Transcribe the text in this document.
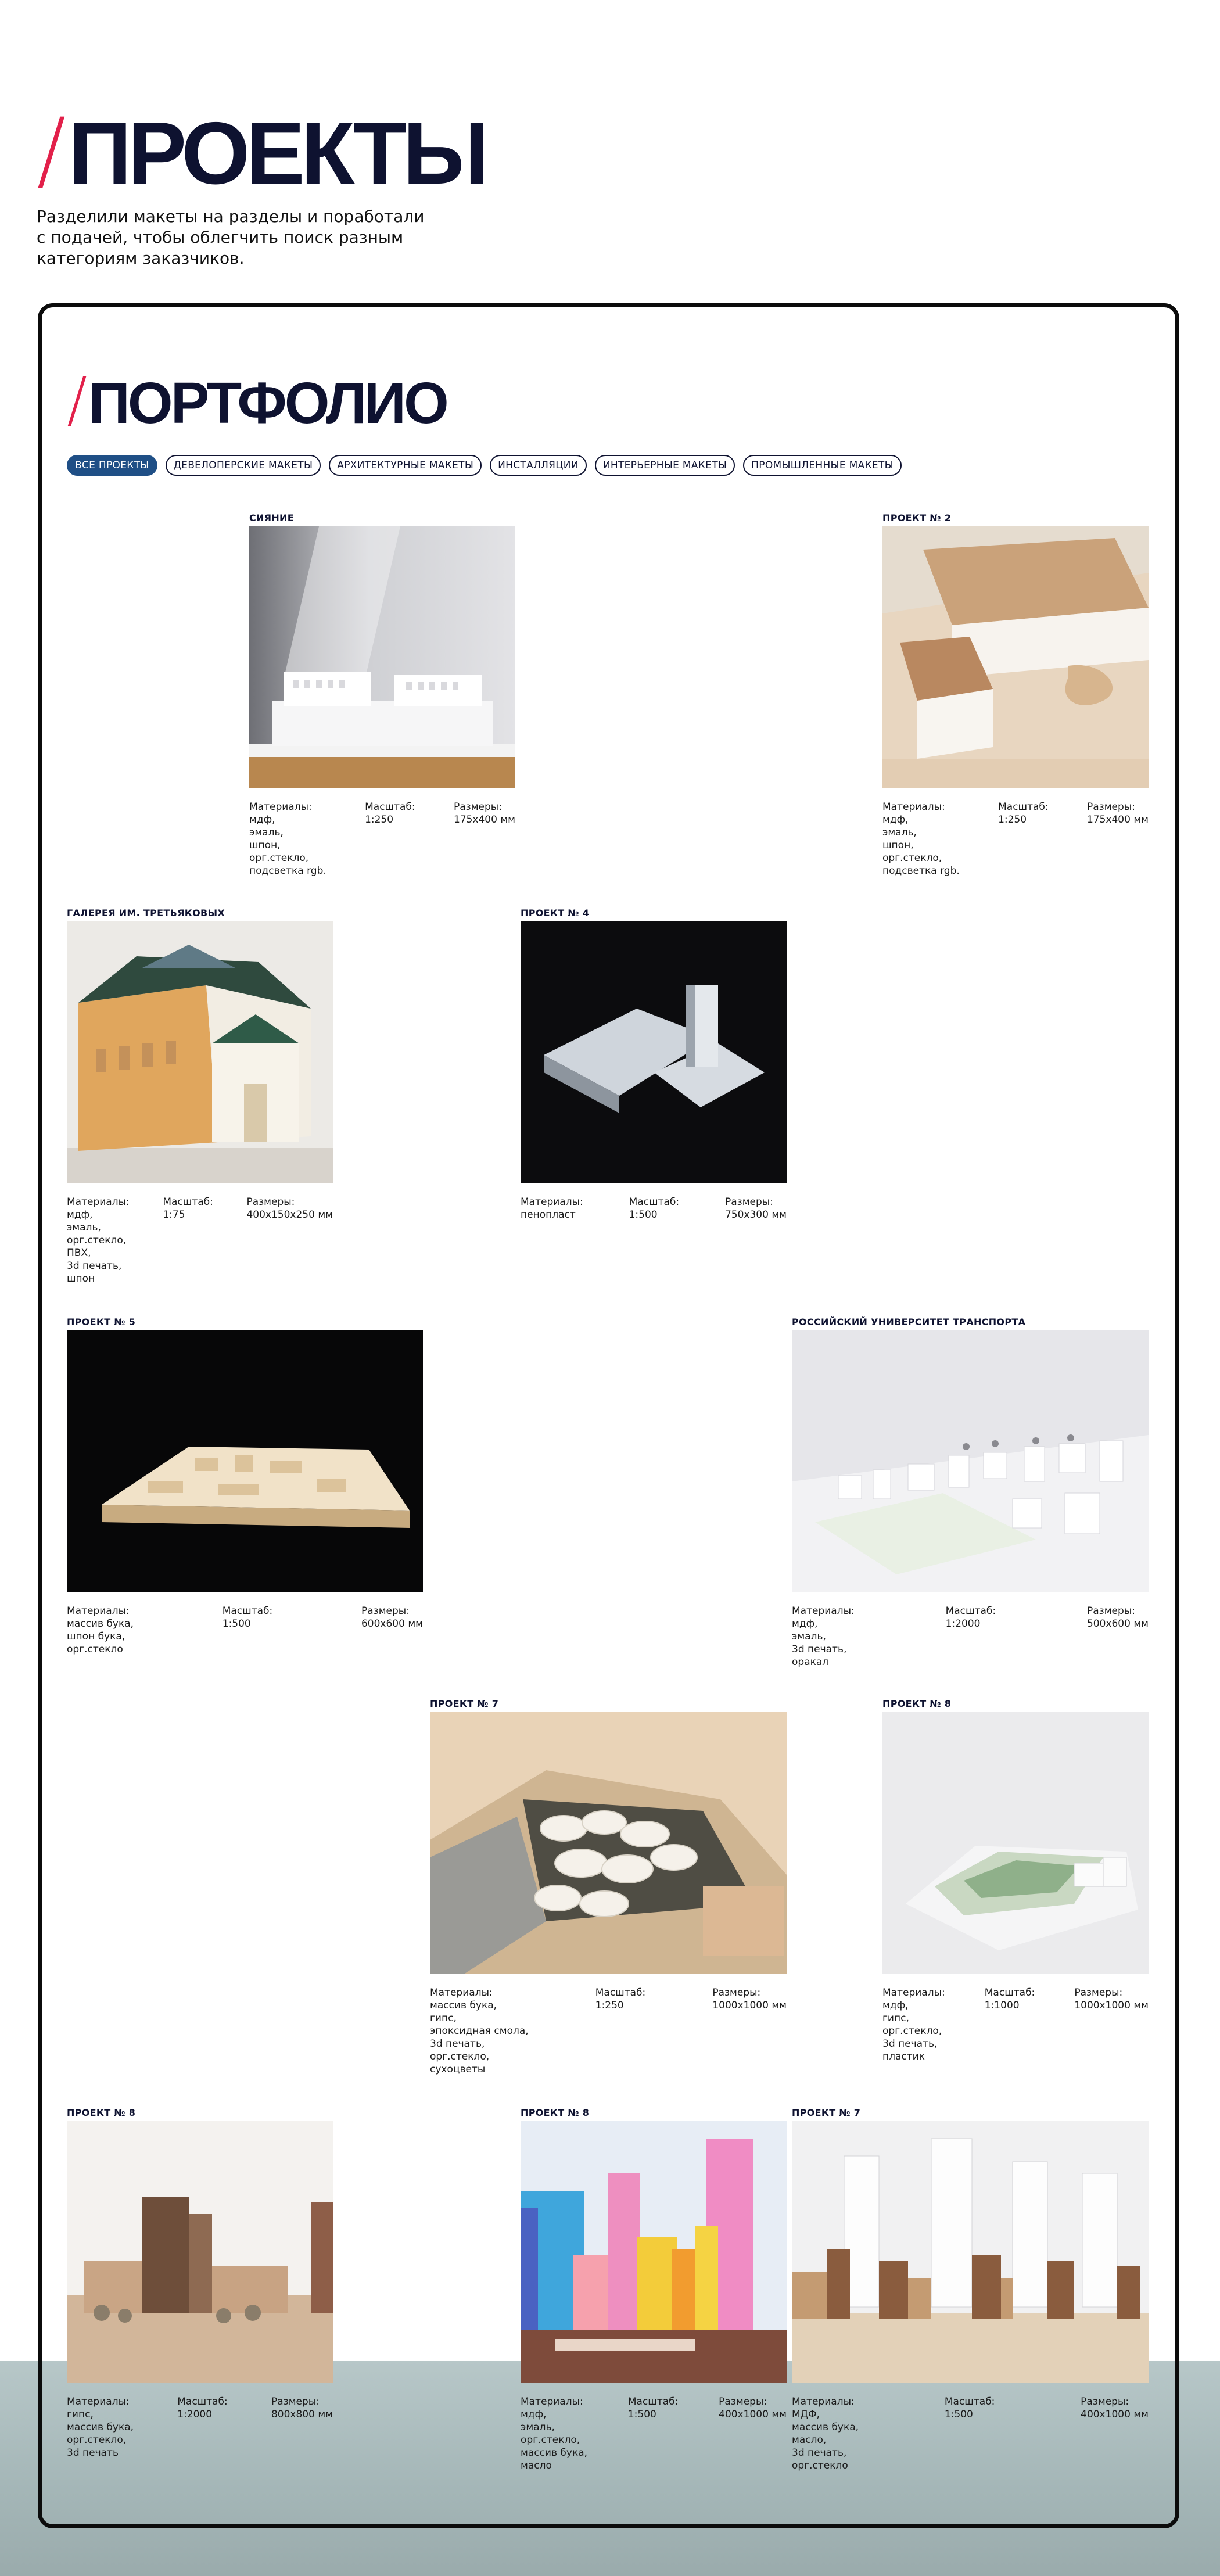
/ ПРОЕКТЫ

Разделили макеты на разделы и поработали
с подачей, чтобы облегчить поиск разным
категориям заказчиков.

/ ПОРТФОЛИО
ВСЕ ПРОЕКТЫ	ДЕВЕЛОПЕРСКИЕ МАКЕТЫ	АРХИТЕКТУРНЫЕ МАКЕТЫ	ИНСТАЛЛЯЦИИ	ИНТЕРЬЕРНЫЕ МАКЕТЫ	ПРОМЫШЛЕННЫЕ МАКЕТЫ
СИЯНИЕ
Материалы:
мдф,
эмаль,
шпон,
орг.стекло,
подсветка rgb.
Масштаб:
1:250
Размеры:
175х400 мм
ПРОЕКТ № 2
Материалы:
мдф,
эмаль,
шпон,
орг.стекло,
подсветка rgb.
Масштаб:
1:250
Размеры:
175х400 мм
ГАЛЕРЕЯ ИМ. ТРЕТЬЯКОВЫХ
Материалы:
мдф,
эмаль,
орг.стекло,
ПВХ,
3d печать,
шпон
Масштаб:
1:75
Размеры:
400х150х250 мм
ПРОЕКТ № 4
Материалы:
пенопласт
Масштаб:
1:500
Размеры:
750х300 мм
ПРОЕКТ № 5
Материалы:
массив бука,
шпон бука,
орг.стекло
Масштаб:
1:500
Размеры:
600х600 мм
РОССИЙСКИЙ УНИВЕРСИТЕТ ТРАНСПОРТА
Материалы:
мдф,
эмаль,
3d печать,
оракал
Масштаб:
1:2000
Размеры:
500х600 мм
ПРОЕКТ № 7
Материалы:
массив бука,
гипс,
эпоксидная смола,
3d печать,
орг.стекло,
сухоцветы
Масштаб:
1:250
Размеры:
1000х1000 мм
ПРОЕКТ № 8
Материалы:
мдф,
гипс,
орг.стекло,
3d печать,
пластик
Масштаб:
1:1000
Размеры:
1000х1000 мм
ПРОЕКТ № 8
Материалы:
гипс,
массив бука,
орг.стекло,
3d печать
Масштаб:
1:2000
Размеры:
800х800 мм
ПРОЕКТ № 8
Материалы:
мдф,
эмаль,
орг.стекло,
массив бука,
масло
Масштаб:
1:500
Размеры:
400х1000 мм
ПРОЕКТ № 7
Материалы:
МДФ,
массив бука,
масло,
3d печать,
орг.стекло
Масштаб:
1:500
Размеры:
400х1000 мм
